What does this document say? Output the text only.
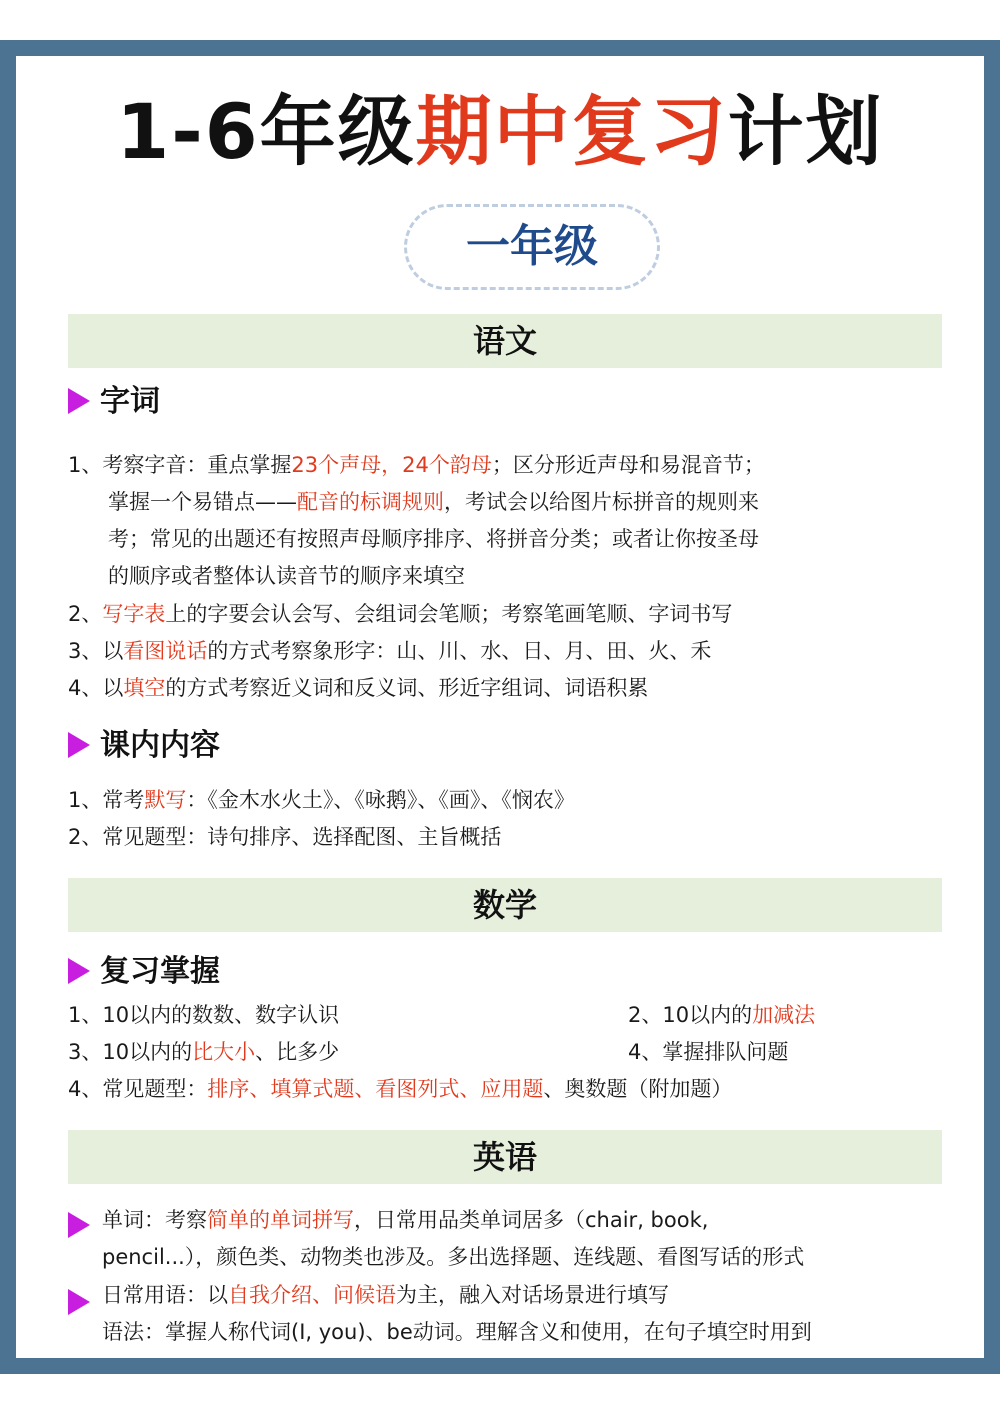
1-6年级期中复习计划
一年级
语文
字词
1、考察字音：重点掌握23个声母，24个韵母；区分形近声母和易混音节；
掌握一个易错点——配音的标调规则，考试会以给图片标拼音的规则来
考；常见的出题还有按照声母顺序排序、将拼音分类；或者让你按圣母
的顺序或者整体认读音节的顺序来填空
2、写字表上的字要会认会写、会组词会笔顺；考察笔画笔顺、字词书写
3、以看图说话的方式考察象形字：山、川、水、日、月、田、火、禾
4、以填空的方式考察近义词和反义词、形近字组词、词语积累
课内内容
1、常考默写：《金木水火土》、《咏鹅》、《画》、《悯农》
2、常见题型：诗句排序、选择配图、主旨概括
数学
复习掌握
1、10以内的数数、数字认识	2、10以内的加减法
3、10以内的比大小、比多少	4、掌握排队问题
4、常见题型：排序、填算式题、看图列式、应用题、奥数题（附加题）
英语
单词：考察简单的单词拼写，日常用品类单词居多（chair, book,
pencil...），颜色类、动物类也涉及。多出选择题、连线题、看图写话的形式
日常用语：以自我介绍、问候语为主，融入对话场景进行填写
语法：掌握人称代词(I, you)、be动词。理解含义和使用，在句子填空时用到
